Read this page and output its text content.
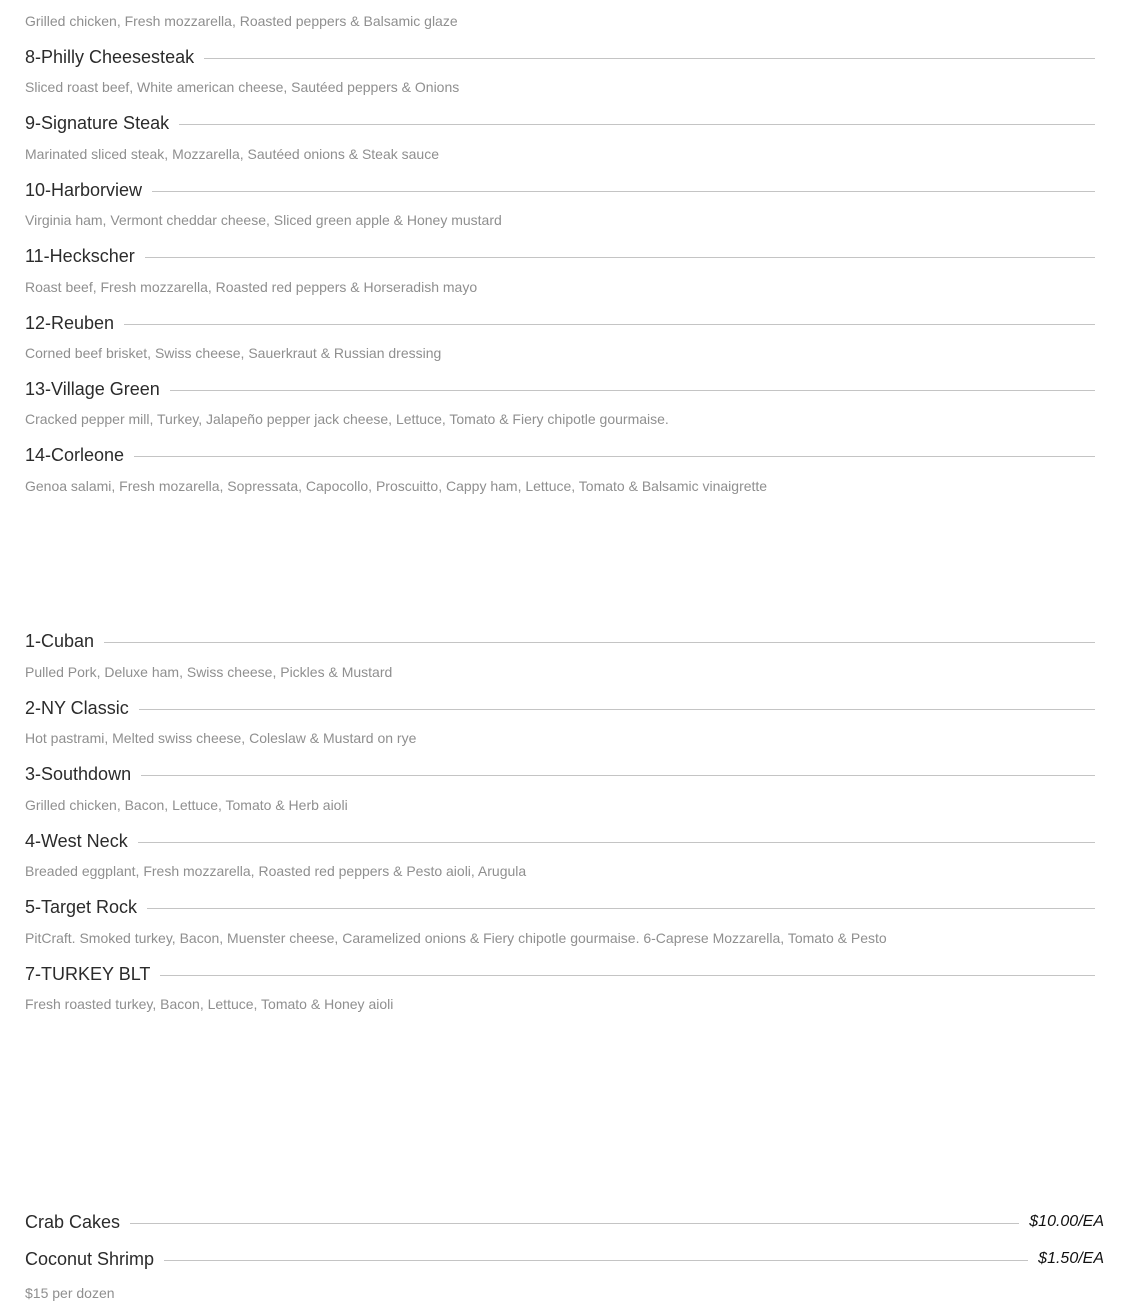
Grilled chicken, Fresh mozzarella, Roasted peppers & Balsamic glaze
8-Philly Cheesesteak
Sliced roast beef, White american cheese, Sautéed peppers & Onions
9-Signature Steak
Marinated sliced steak, Mozzarella, Sautéed onions & Steak sauce
10-Harborview
Virginia ham, Vermont cheddar cheese, Sliced green apple & Honey mustard
11-Heckscher
Roast beef, Fresh mozzarella, Roasted red peppers & Horseradish mayo
12-Reuben
Corned beef brisket, Swiss cheese, Sauerkraut & Russian dressing
13-Village Green
Cracked pepper mill, Turkey, Jalapeño pepper jack cheese, Lettuce, Tomato & Fiery chipotle gourmaise.
14-Corleone
Genoa salami, Fresh mozarella, Sopressata, Capocollo, Proscuitto, Cappy ham, Lettuce, Tomato & Balsamic vinaigrette
1-Cuban
Pulled Pork, Deluxe ham, Swiss cheese, Pickles & Mustard
2-NY Classic
Hot pastrami, Melted swiss cheese, Coleslaw & Mustard on rye
3-Southdown
Grilled chicken, Bacon, Lettuce, Tomato & Herb aioli
4-West Neck
Breaded eggplant, Fresh mozzarella, Roasted red peppers & Pesto aioli, Arugula
5-Target Rock
PitCraft. Smoked turkey, Bacon, Muenster cheese, Caramelized onions & Fiery chipotle gourmaise. 6-Caprese Mozzarella, Tomato & Pesto
7-TURKEY BLT
Fresh roasted turkey, Bacon, Lettuce, Tomato & Honey aioli
Crab Cakes	$10.00/EA
Coconut Shrimp	$1.50/EA
$15 per dozen
